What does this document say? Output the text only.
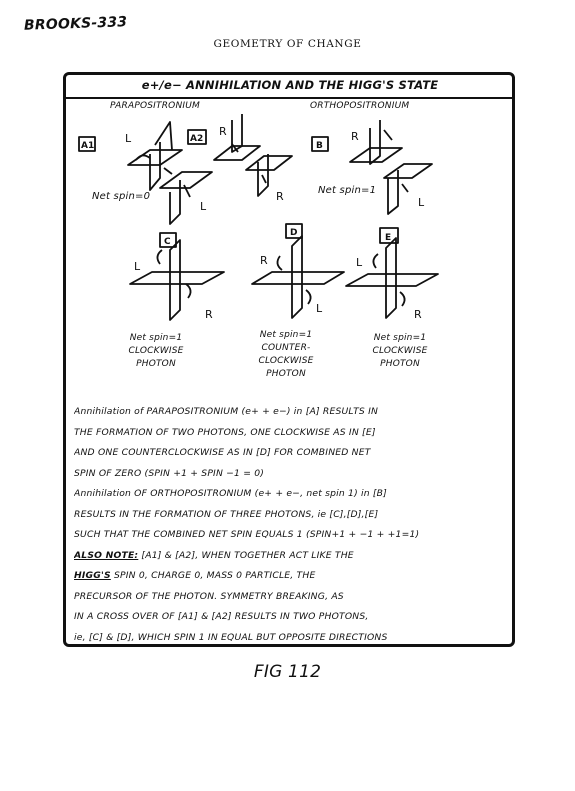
BROOKS-333
GEOMETRY OF CHANGE
e+/e− ANNIHILATION AND THE HIGG'S STATE
PARAPOSITRONIUM	ORTHOPOSITRONIUM
A1
A2
B
C
D	E
L
R
L
R
R
L
L
R
R
L
L
R
Net spin=0
Net spin=1
Net spin=1
CLOCKWISE
PHOTON
Net spin=1
COUNTER-
CLOCKWISE
PHOTON
Net spin=1
CLOCKWISE
PHOTON
Annihilation of PARAPOSITRONIUM (e+ + e−) in [A] RESULTS IN
THE FORMATION OF TWO PHOTONS, ONE CLOCKWISE AS IN [E]
AND ONE COUNTERCLOCKWISE AS IN [D] FOR COMBINED NET
SPIN OF ZERO (SPIN +1 + SPIN −1 = 0)
Annihilation OF ORTHOPOSITRONIUM (e+ + e−, net spin 1) in [B]
RESULTS IN THE FORMATION OF THREE PHOTONS, ie [C],[D],[E]
SUCH THAT THE COMBINED NET SPIN EQUALS 1 (SPIN+1 + −1 + +1=1)
ALSO NOTE: [A1] & [A2], WHEN TOGETHER ACT LIKE THE
HIGG'S SPIN 0, CHARGE 0, MASS 0 PARTICLE, THE
PRECURSOR OF THE PHOTON. SYMMETRY BREAKING, AS
IN A CROSS OVER OF [A1] & [A2] RESULTS IN TWO PHOTONS,
ie, [C] & [D], WHICH SPIN 1 IN EQUAL BUT OPPOSITE DIRECTIONS
FIG 112
